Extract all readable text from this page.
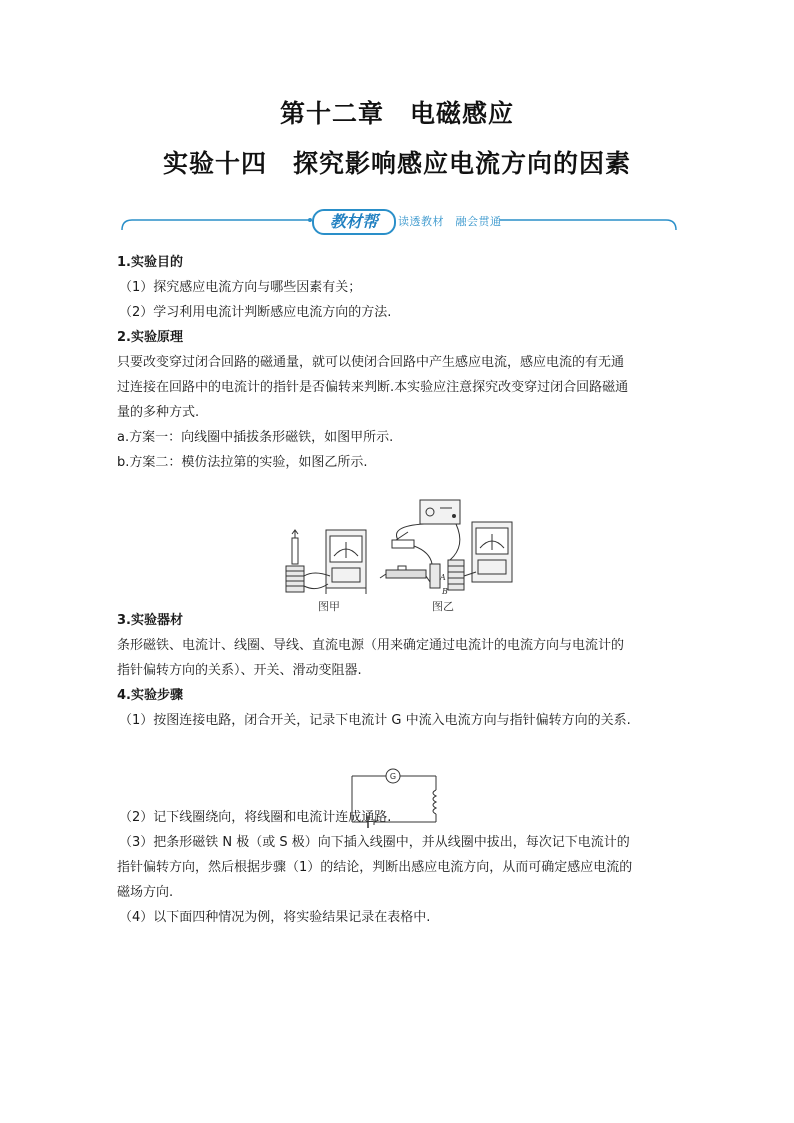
第十二章　电磁感应
实验十四　探究影响感应电流方向的因素
教材帮	读透教材　融会贯通

1.实验目的

（1）探究感应电流方向与哪些因素有关；

（2）学习利用电流计判断感应电流方向的方法.

2.实验原理

只要改变穿过闭合回路的磁通量，就可以使闭合回路中产生感应电流，感应电流的有无通

过连接在回路中的电流计的指针是否偏转来判断.本实验应注意探究改变穿过闭合回路磁通

量的多种方式.

a.方案一：向线圈中插拔条形磁铁，如图甲所示.

b.方案二：模仿法拉第的实验，如图乙所示.

3.实验器材

条形磁铁、电流计、线圈、导线、直流电源（用来确定通过电流计的电流方向与电流计的

指针偏转方向的关系）、开关、滑动变阻器.

4.实验步骤

（1）按图连接电路，闭合开关，记录下电流计 G 中流入电流方向与指针偏转方向的关系.

（2）记下线圈绕向，将线圈和电流计连成通路.

（3）把条形磁铁 N 极（或 S 极）向下插入线圈中，并从线圈中拔出，每次记下电流计的

指针偏转方向，然后根据步骤（1）的结论，判断出感应电流方向，从而可确定感应电流的

磁场方向.

（4）以下面四种情况为例，将实验结果记录在表格中.

A
B
图甲	图乙
G
